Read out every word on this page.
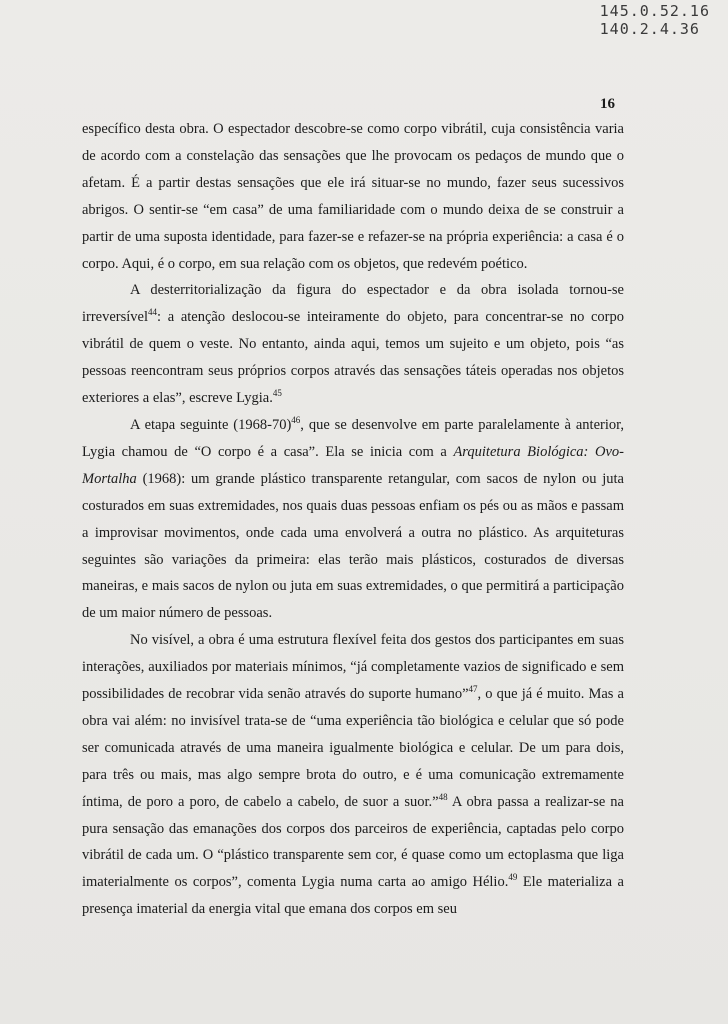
145.0.52.16
140.2.4.36
16

específico desta obra. O espectador descobre-se como corpo vibrátil, cuja consistência varia de acordo com a constelação das sensações que lhe provocam os pedaços de mundo que o afetam. É a partir destas sensações que ele irá situar-se no mundo, fazer seus sucessivos abrigos. O sentir-se “em casa” de uma familiaridade com o mundo deixa de se construir a partir de uma suposta identidade, para fazer-se e refazer-se na própria experiência: a casa é o corpo. Aqui, é o corpo, em sua relação com os objetos, que redevém poético.

A desterritorialização da figura do espectador e da obra isolada tornou-se irreversível$^{44}$: a atenção deslocou-se inteiramente do objeto, para concentrar-se no corpo vibrátil de quem o veste. No entanto, ainda aqui, temos um sujeito e um objeto, pois “as pessoas reencontram seus próprios corpos através das sensações táteis operadas nos objetos exteriores a elas”, escreve Lygia.$^{45}$

A etapa seguinte (1968-70)$^{46}$, que se desenvolve em parte paralelamente à anterior, Lygia chamou de “O corpo é a casa”. Ela se inicia com a Arquitetura Biológica: Ovo-Mortalha (1968): um grande plástico transparente retangular, com sacos de nylon ou juta costurados em suas extremidades, nos quais duas pessoas enfiam os pés ou as mãos e passam a improvisar movimentos, onde cada uma envolverá a outra no plástico. As arquiteturas seguintes são variações da primeira: elas terão mais plásticos, costurados de diversas maneiras, e mais sacos de nylon ou juta em suas extremidades, o que permitirá a participação de um maior número de pessoas.

No visível, a obra é uma estrutura flexível feita dos gestos dos participantes em suas interações, auxiliados por materiais mínimos, “já completamente vazios de significado e sem possibilidades de recobrar vida senão através do suporte humano”$^{47}$, o que já é muito. Mas a obra vai além: no invisível trata-se de “uma experiência tão biológica e celular que só pode ser comunicada através de uma maneira igualmente biológica e celular. De um para dois, para três ou mais, mas algo sempre brota do outro, e é uma comunicação extremamente íntima, de poro a poro, de cabelo a cabelo, de suor a suor.”$^{48}$ A obra passa a realizar-se na pura sensação das emanações dos corpos dos parceiros de experiência, captadas pelo corpo vibrátil de cada um. O “plástico transparente sem cor, é quase como um ectoplasma que liga imaterialmente os corpos”, comenta Lygia numa carta ao amigo Hélio.$^{49}$ Ele materializa a presença imaterial da energia vital que emana dos corpos em seu
